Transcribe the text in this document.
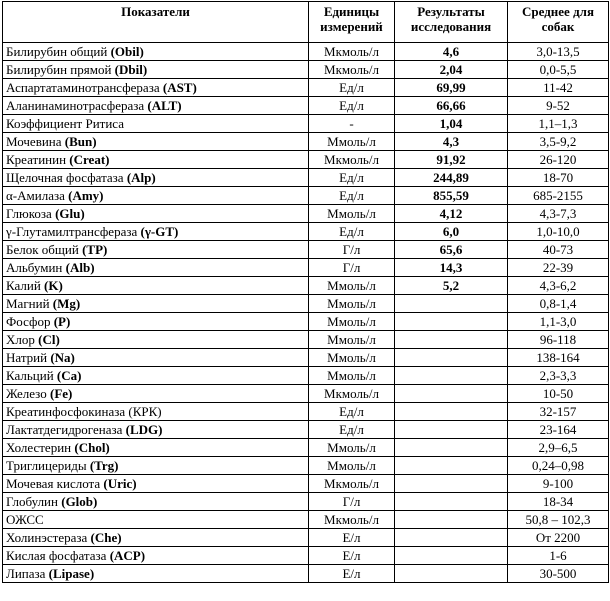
Показатели	Единицы измерений	Результаты исследования	Среднее для собак
Билирубин общий (Obil)	Мкмоль/л	4,6	3,0-13,5
Билирубин прямой (Dbil)	Мкмоль/л	2,04	0,0-5,5
Аспартатаминотрансфераза (AST)	Ед/л	69,99	11-42
Аланинаминотрасфераза (ALT)	Ед/л	66,66	9-52
Коэффициент Ритиса	-	1,04	1,1–1,3
Мочевина (Bun)	Ммоль/л	4,3	3,5-9,2
Креатинин (Creat)	Мкмоль/л	91,92	26-120
Щелочная фосфатаза (Alp)	Ед/л	244,89	18-70
α-Амилаза (Amy)	Ед/л	855,59	685-2155
Глюкоза (Glu)	Ммоль/л	4,12	4,3-7,3
γ-Глутамилтрансфераза (γ-GT)	Ед/л	6,0	1,0-10,0
Белок общий (TP)	Г/л	65,6	40-73
Альбумин (Alb)	Г/л	14,3	22-39
Калий (K)	Ммоль/л	5,2	4,3-6,2
Магний (Mg)	Ммоль/л		0,8-1,4
Фосфор (P)	Ммоль/л		1,1-3,0
Хлор (Cl)	Ммоль/л		96-118
Натрий (Na)	Ммоль/л		138-164
Кальций (Ca)	Ммоль/л		2,3-3,3
Железо (Fe)	Мкмоль/л		10-50
Креатинфосфокиназа (КРК)	Ед/л		32-157
Лактатдегидрогеназа (LDG)	Ед/л		23-164
Холестерин (Chol)	Ммоль/л		2,9–6,5
Триглицериды (Trg)	Ммоль/л		0,24–0,98
Мочевая кислота (Uric)	Мкмоль/л		9-100
Глобулин (Glob)	Г/л		18-34
ОЖСС	Мкмоль/л		50,8 – 102,3
Холинэстераза (Che)	Е/л		От 2200
Кислая фосфатаза (ACP)	Е/л		1-6
Липаза (Lipase)	Е/л		30-500
